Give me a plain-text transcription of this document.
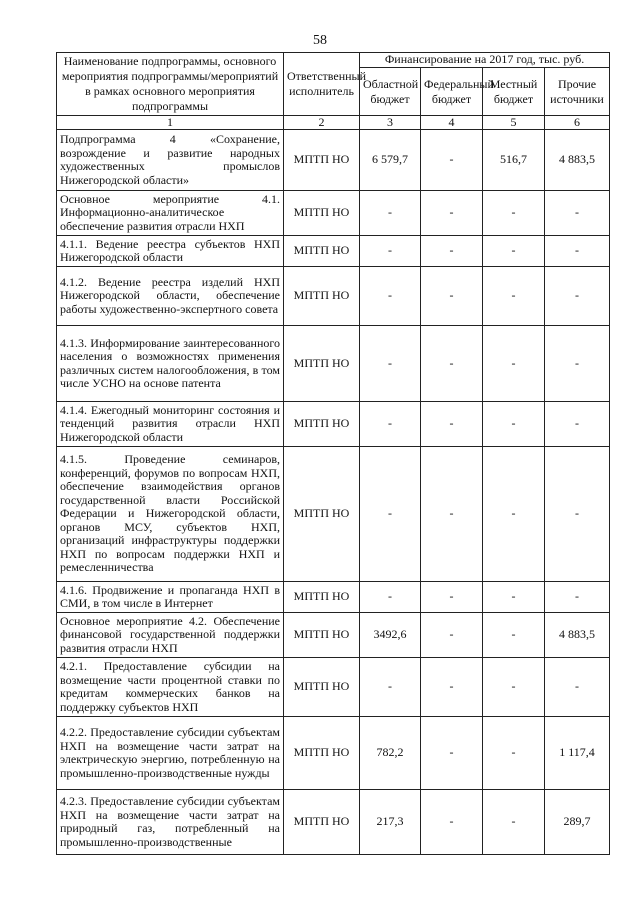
58
Наименование подпрограммы, основного мероприятия подпрограммы/мероприятий в рамках основного мероприятия подпрограммы	Ответственный исполнитель	Финансирование на 2017 год, тыс. руб.			
		Областной бюджет	Федеральный бюджет	Местный бюджет	Прочие источники
1	2	3	4	5	6
Подпрограмма 4 «Сохранение, возрождение и развитие народных художественных промыслов Нижегородской области»	МПТП НО	6 579,7	-	516,7	4 883,5
Основное мероприятие 4.1. Информационно-аналитическое обеспечение развития отрасли НХП	МПТП НО	-	-	-	-
4.1.1. Ведение реестра субъектов НХП Нижегородской области	МПТП НО	-	-	-	-
4.1.2. Ведение реестра изделий НХП Нижегородской области, обеспечение работы художественно-экспертного совета	МПТП НО	-	-	-	-
4.1.3. Информирование заинтересованного населения о возможностях применения различных систем налогообложения, в том числе УСНО на основе патента	МПТП НО	-	-	-	-
4.1.4. Ежегодный мониторинг состояния и тенденций развития отрасли НХП Нижегородской области	МПТП НО	-	-	-	-
4.1.5. Проведение семинаров, конференций, форумов по вопросам НХП, обеспечение взаимодействия органов государственной власти Российской Федерации и Нижегородской области, органов МСУ, субъектов НХП, организаций инфраструктуры поддержки НХП по вопросам поддержки НХП и ремесленничества	МПТП НО	-	-	-	-
4.1.6. Продвижение и пропаганда НХП в СМИ, в том числе в Интернет	МПТП НО	-	-	-	-
Основное мероприятие 4.2. Обеспечение финансовой государственной поддержки развития отрасли НХП	МПТП НО	3492,6	-	-	4 883,5
4.2.1. Предоставление субсидии на возмещение части процентной ставки по кредитам коммерческих банков на поддержку субъектов НХП	МПТП НО	-	-	-	-
4.2.2. Предоставление субсидии субъектам НХП на возмещение части затрат на электрическую энергию, потребленную на промышленно-производственные нужды	МПТП НО	782,2	-	-	1 117,4
4.2.3. Предоставление субсидии субъектам НХП на возмещение части затрат на природный газ, потребленный на промышленно-производственные	МПТП НО	217,3	-	-	289,7
